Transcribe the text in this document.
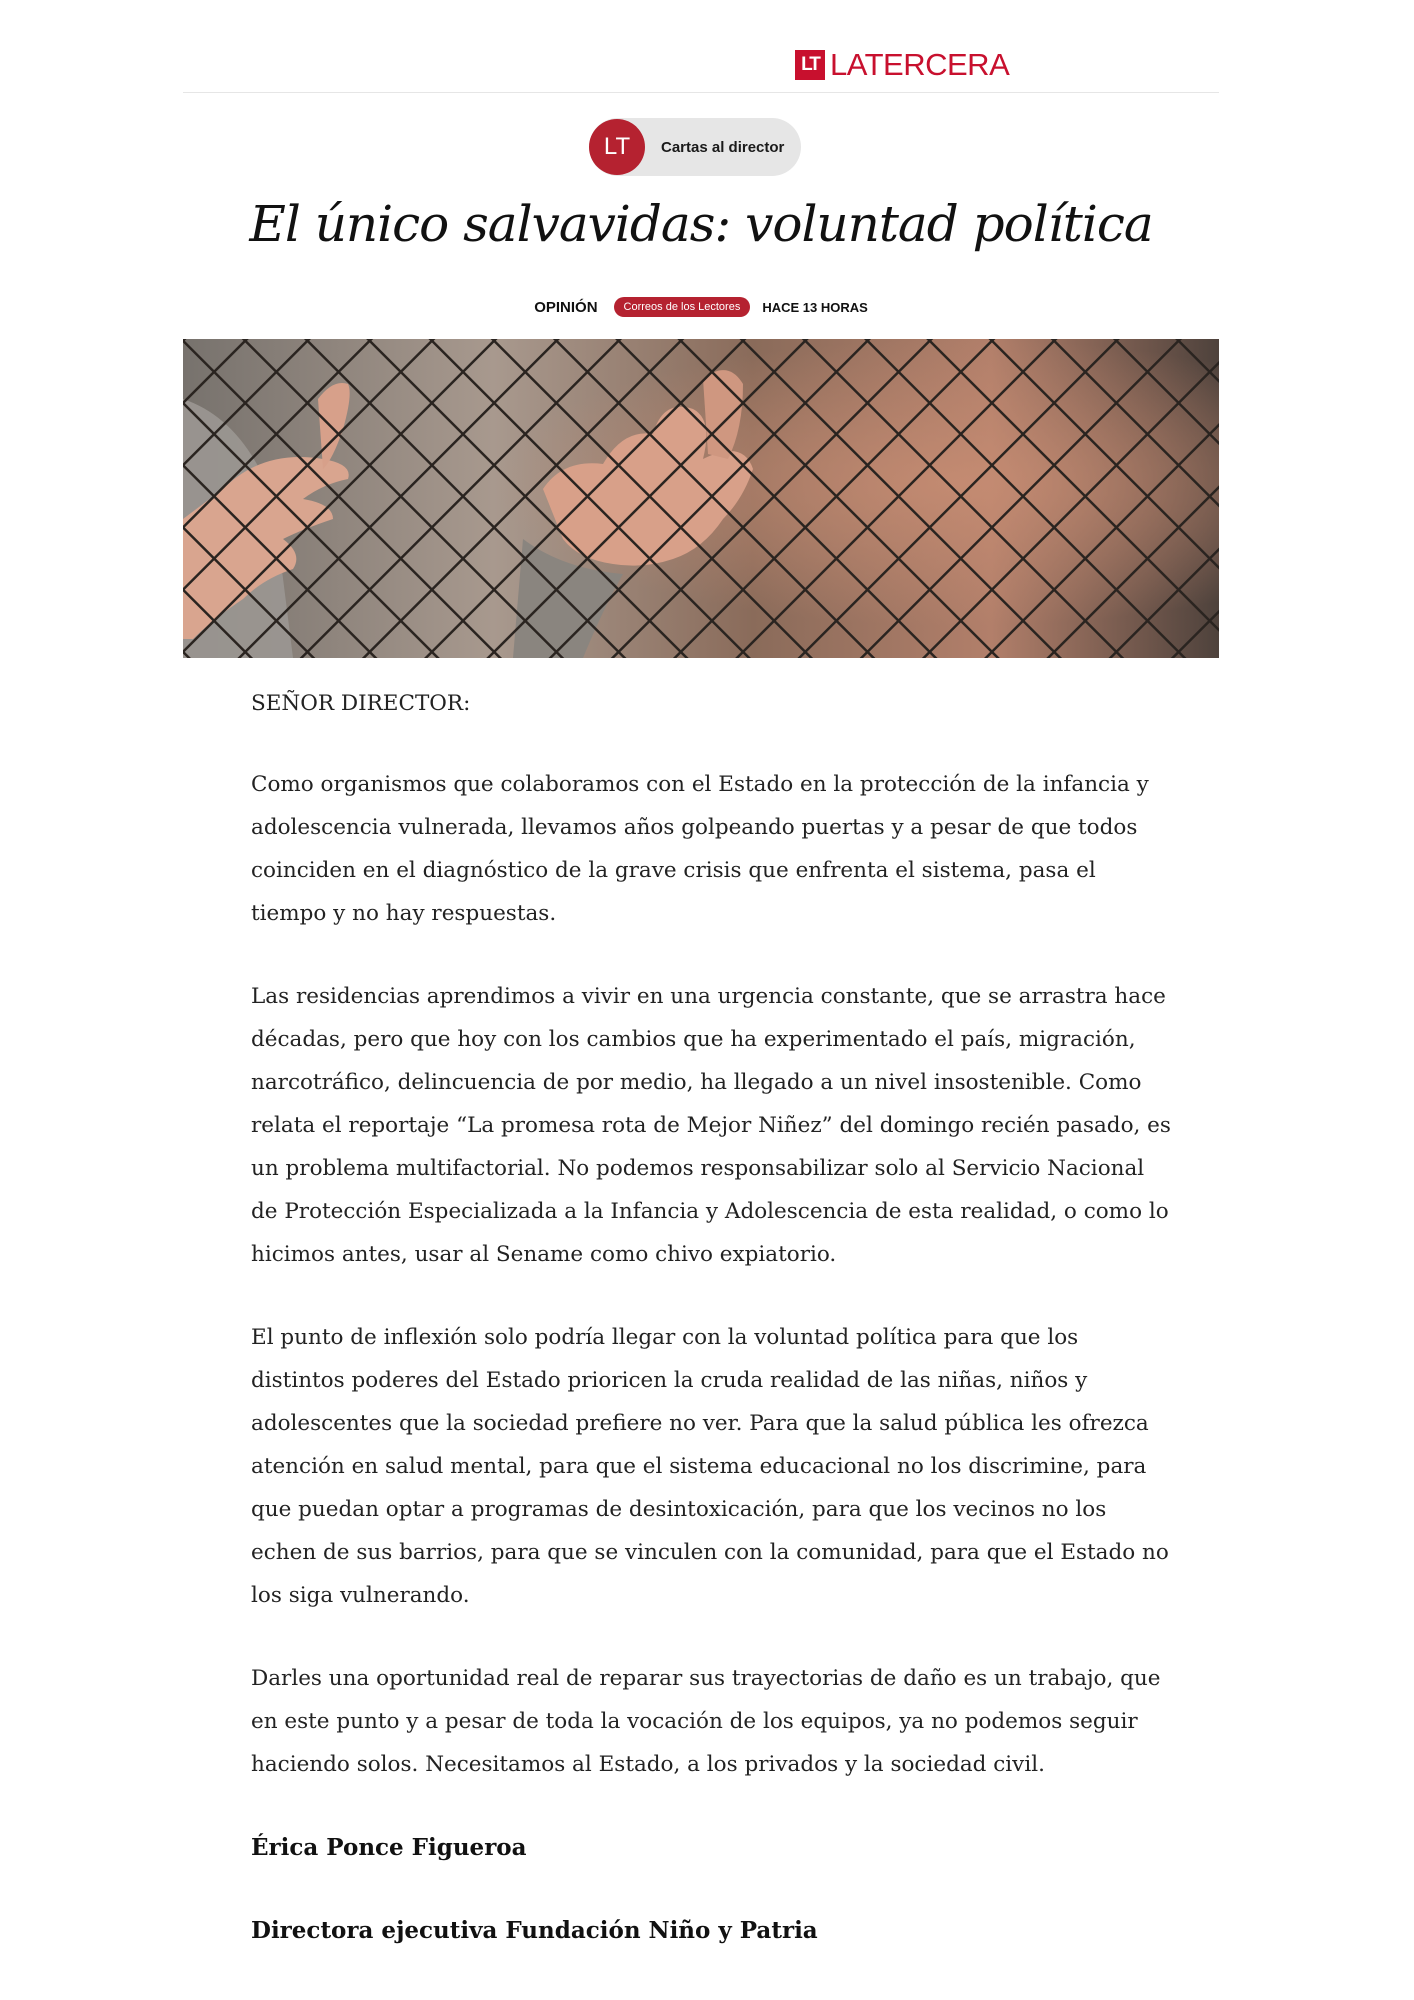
LT LATERCERA
LT	Cartas al director
El único salvavidas: voluntad política
OPINIÓN	Correos de los Lectores	HACE 13 HORAS

SEÑOR DIRECTOR:

Como organismos que colaboramos con el Estado en la protección de la infancia y adolescencia vulnerada, llevamos años golpeando puertas y a pesar de que todos coinciden en el diagnóstico de la grave crisis que enfrenta el sistema, pasa el tiempo y no hay respuestas.

Las residencias aprendimos a vivir en una urgencia constante, que se arrastra hace décadas, pero que hoy con los cambios que ha experimentado el país, migración, narcotráfico, delincuencia de por medio, ha llegado a un nivel insostenible. Como relata el reportaje “La promesa rota de Mejor Niñez” del domingo recién pasado, es un problema multifactorial. No podemos responsabilizar solo al Servicio Nacional de Protección Especializada a la Infancia y Adolescencia de esta realidad, o como lo hicimos antes, usar al Sename como chivo expiatorio.

El punto de inflexión solo podría llegar con la voluntad política para que los distintos poderes del Estado prioricen la cruda realidad de las niñas, niños y adolescentes que la sociedad prefiere no ver. Para que la salud pública les ofrezca atención en salud mental, para que el sistema educacional no los discrimine, para que puedan optar a programas de desintoxicación, para que los vecinos no los echen de sus barrios, para que se vinculen con la comunidad, para que el Estado no los siga vulnerando.

Darles una oportunidad real de reparar sus trayectorias de daño es un trabajo, que en este punto y a pesar de toda la vocación de los equipos, ya no podemos seguir haciendo solos. Necesitamos al Estado, a los privados y la sociedad civil.

Érica Ponce Figueroa

Directora ejecutiva Fundación Niño y Patria
